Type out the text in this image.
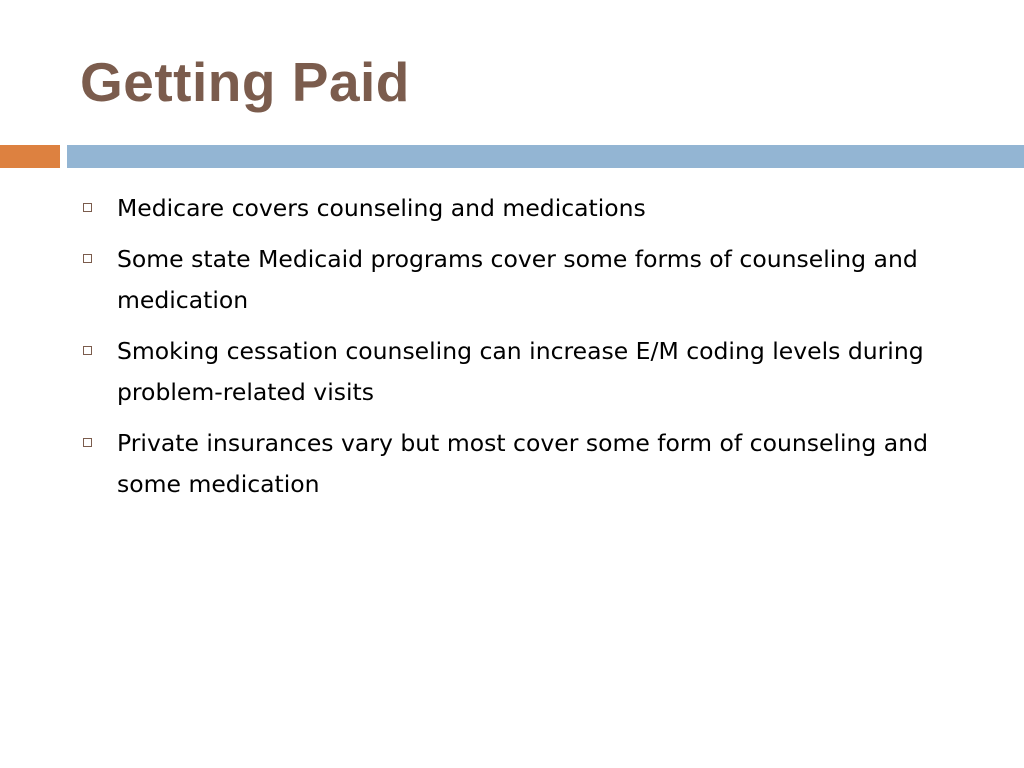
Getting Paid
Medicare covers counseling and medications
Some state Medicaid programs cover some forms of counseling and medication
Smoking cessation counseling can increase E/M coding levels during problem-related visits
Private insurances vary but most cover some form of counseling and some medication
